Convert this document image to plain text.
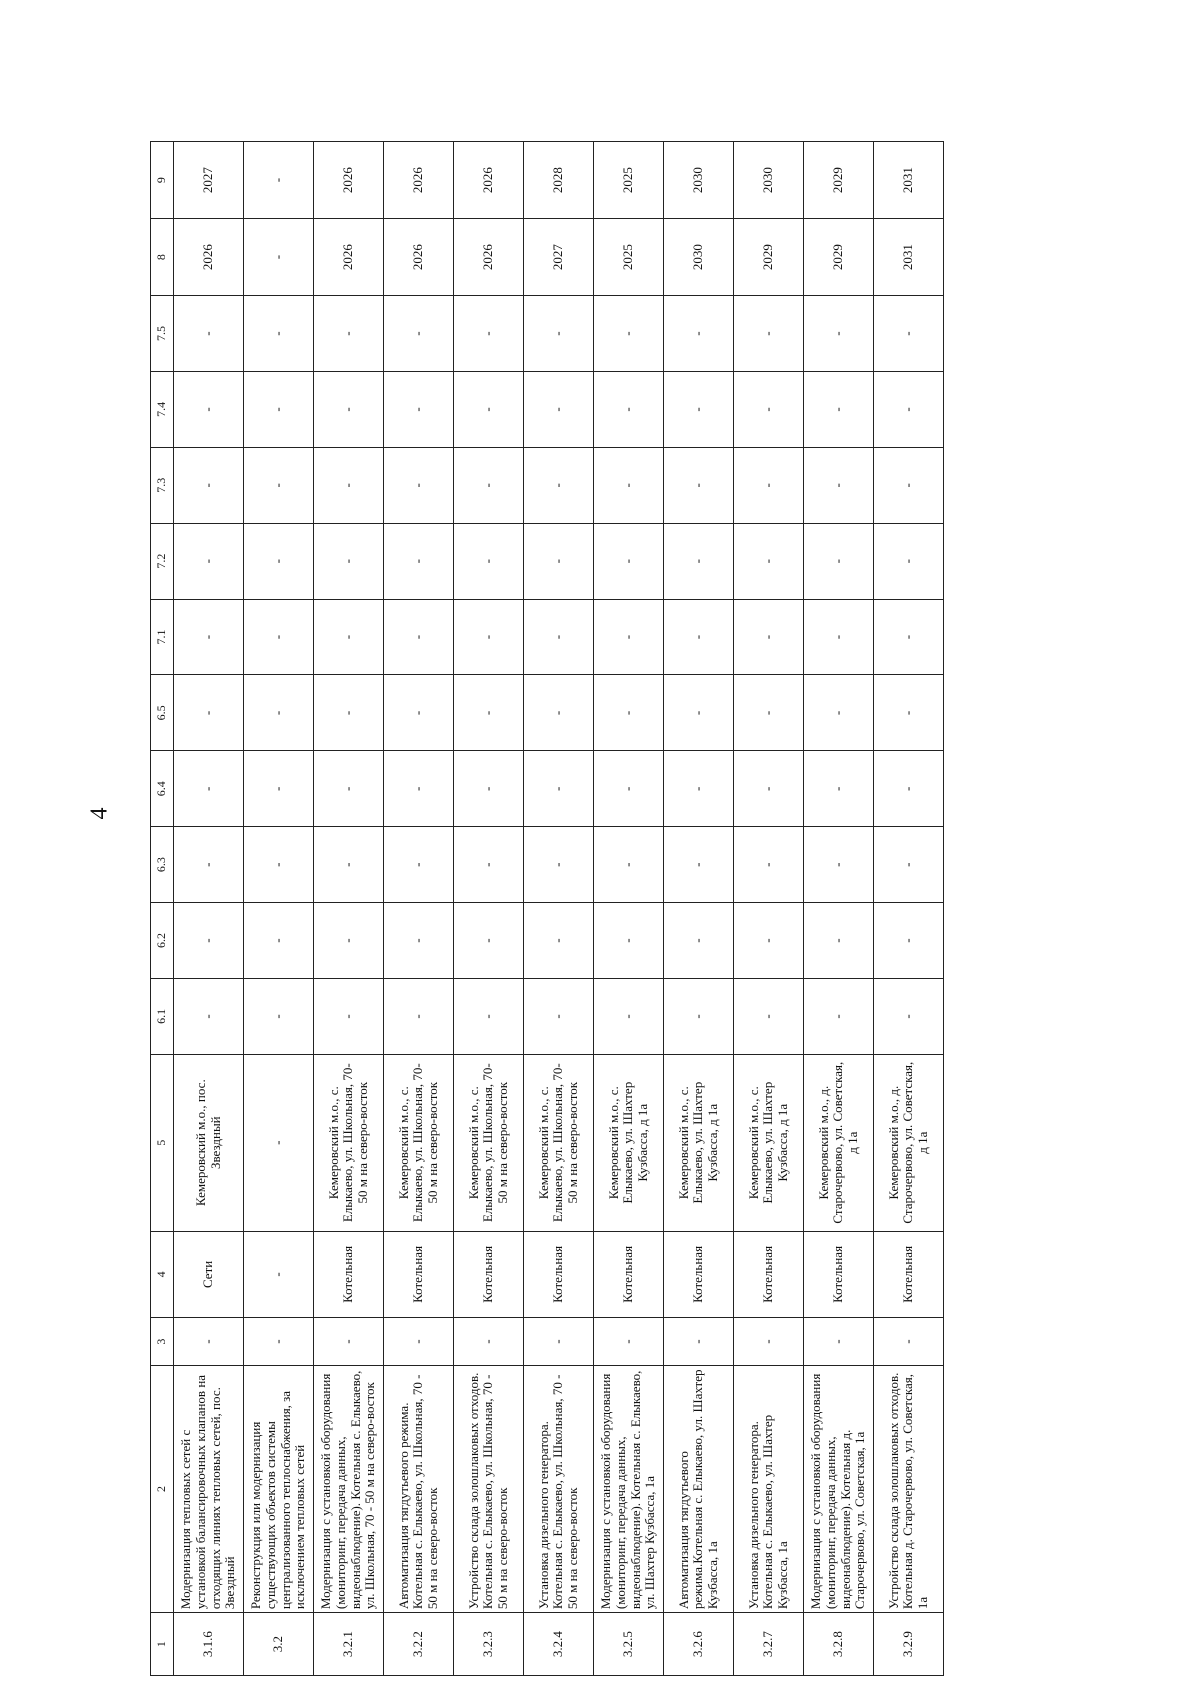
4
1	2	3	4	5	6.1	6.2	6.3	6.4	6.5	7.1	7.2	7.3	7.4	7.5	8	9
3.1.6	Модернизация тепловых сетей с установкой балансировочных клапанов на отходящих линиях тепловых сетей, пос. Звездный	-	Сети	Кемеровский м.о., пос. Звездный	-	-	-	-	-	-	-	-	-	-	2026	2027
3.2	Реконструкция или модернизация существующих объектов системы централизованного теплоснабжения, за исключением тепловых сетей	-	-	-	-	-	-	-	-	-	-	-	-	-	-	-
3.2.1	Модернизация с установкой оборудования (мониторинг, передача данных, видеонаблюдение). Котельная с. Елыкаево, ул. Школьная, 70 - 50 м на северо-восток	-	Котельная	Кемеровский м.о., с. Елыкаево, ул. Школьная, 70-50 м на северо-восток	-	-	-	-	-	-	-	-	-	-	2026	2026
3.2.2	Автоматизация тягдутьевого режима. Котельная с. Елыкаево, ул. Школьная, 70 - 50 м на северо-восток	-	Котельная	Кемеровский м.о., с. Елыкаево, ул. Школьная, 70-50 м на северо-восток	-	-	-	-	-	-	-	-	-	-	2026	2026
3.2.3	Устройство склада золошлаковых отходов. Котельная с. Елыкаево, ул. Школьная, 70 - 50 м на северо-восток	-	Котельная	Кемеровский м.о., с. Елыкаево, ул. Школьная, 70-50 м на северо-восток	-	-	-	-	-	-	-	-	-	-	2026	2026
3.2.4	Установка дизельного генератора. Котельная с. Елыкаево, ул. Школьная, 70 - 50 м на северо-восток	-	Котельная	Кемеровский м.о., с. Елыкаево, ул. Школьная, 70-50 м на северо-восток	-	-	-	-	-	-	-	-	-	-	2027	2028
3.2.5	Модернизация с установкой оборудования (мониторинг, передача данных, видеонаблюдение). Котельная с. Елыкаево, ул. Шахтер Кузбасса, 1а	-	Котельная	Кемеровский м.о., с. Елыкаево, ул. Шахтер Кузбасса, д 1а	-	-	-	-	-	-	-	-	-	-	2025	2025
3.2.6	Автоматизация тягдутьевого режима.Котельная с. Елыкаево, ул. Шахтер Кузбасса, 1а	-	Котельная	Кемеровский м.о., с. Елыкаево, ул. Шахтер Кузбасса, д 1а	-	-	-	-	-	-	-	-	-	-	2030	2030
3.2.7	Установка дизельного генератора. Котельная с. Елыкаево, ул. Шахтер Кузбасса, 1а	-	Котельная	Кемеровский м.о., с. Елыкаево, ул. Шахтер Кузбасса, д 1а	-	-	-	-	-	-	-	-	-	-	2029	2030
3.2.8	Модернизация с установкой оборудования (мониторинг, передача данных, видеонаблюдение). Котельная д. Старочервово, ул. Советская, 1а	-	Котельная	Кемеровский м.о., д. Старочервово, ул. Советская, д 1а	-	-	-	-	-	-	-	-	-	-	2029	2029
3.2.9	Устройство склада золошлаковых отходов. Котельная д. Старочервово, ул. Советская, 1а	-	Котельная	Кемеровский м.о., д. Старочервово, ул. Советская, д 1а	-	-	-	-	-	-	-	-	-	-	2031	2031
